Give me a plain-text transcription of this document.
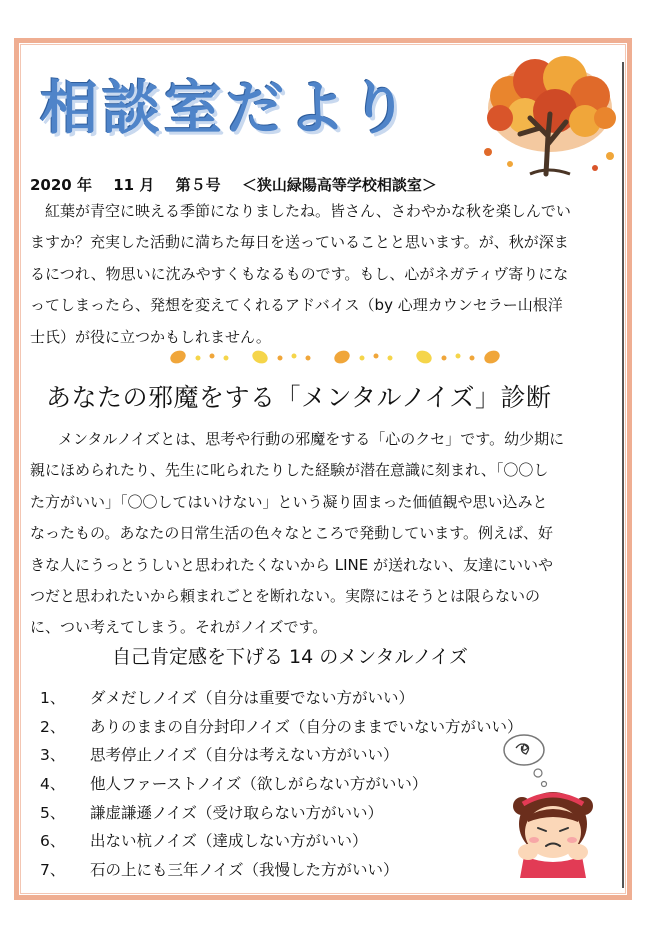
相談室だより
2020 年 11 月 第５号 ＜狭山緑陽高等学校相談室＞

紅葉が青空に映える季節になりましたね。皆さん、さわやかな秋を楽しんでい
ますか？充実した活動に満ちた毎日を送っていることと思います。が、秋が深ま
るにつれ、物思いに沈みやすくもなるものです。もし、心がネガティヴ寄りにな
ってしまったら、発想を変えてくれるアドバイス（by 心理カウンセラー山根洋
士氏）が役に立つかもしれません。

あなたの邪魔をする「メンタルノイズ」診断

メンタルノイズとは、思考や行動の邪魔をする「心のクセ」です。幼少期に
親にほめられたり、先生に叱られたりした経験が潜在意識に刻まれ、「〇〇し
た方がいい」「〇〇してはいけない」という凝り固まった価値観や思い込みと
なったもの。あなたの日常生活の色々なところで発動しています。例えば、好
きな人にうっとうしいと思われたくないから LINE が送れない、友達にいいや
つだと思われたいから頼まれごとを断れない。実際にはそうとは限らないの
に、つい考えてしまう。それがノイズです。

自己肯定感を下げる 14 のメンタルノイズ
1、 ダメだしノイズ（自分は重要でない方がいい）
2、 ありのままの自分封印ノイズ（自分のままでいない方がいい）
3、 思考停止ノイズ（自分は考えない方がいい）
4、 他人ファーストノイズ（欲しがらない方がいい）
5、 謙虚謙遜ノイズ（受け取らない方がいい）
6、 出ない杭ノイズ（達成しない方がいい）
7、 石の上にも三年ノイズ（我慢した方がいい）
